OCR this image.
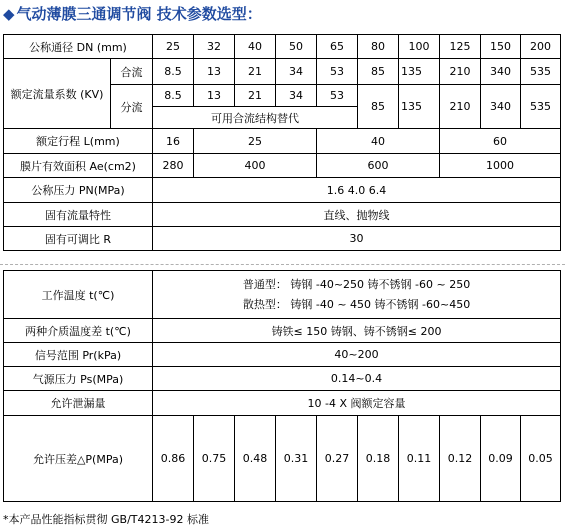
◆ 气动薄膜三通调节阀 技术参数选型：
公称通径 DN (mm)		25	32	40	50	65	80	100	125	150	200
额定流量系数 (KV)	合流	8.5	13	21	34	53	85	135	210	340	535
	分流	8.5	13	21	34	53	85	135	210	340	535
		可用合流结构替代									
额定行程 L(mm)		16	25			40			60		
膜片有效面积 Ae(cm2)		280	400			600			1000		
公称压力 PN(MPa)		1.6 4.0 6.4									
固有流量特性		直线、抛物线									
固有可调比 R		30									
工作温度 t(℃)	普通型： 铸钢 -40~250 铸不锈钢 -60 ~ 250
散热型： 铸钢 -40 ~ 450 铸不锈钢 -60~450									

两种介质温度差 t(℃)	铸铁≤ 150 铸钢、铸不锈钢≤ 200									
信号范围 Pr(kPa)	40~200									
气源压力 Ps(MPa)	0.14~0.4									
允许泄漏量	10 -4 X 阀额定容量									
允许压差△P(MPa)	0.86	0.75	0.48	0.31	0.27	0.18	0.11	0.12	0.09	0.05
*本产品性能指标贯彻 GB/T4213-92 标准
